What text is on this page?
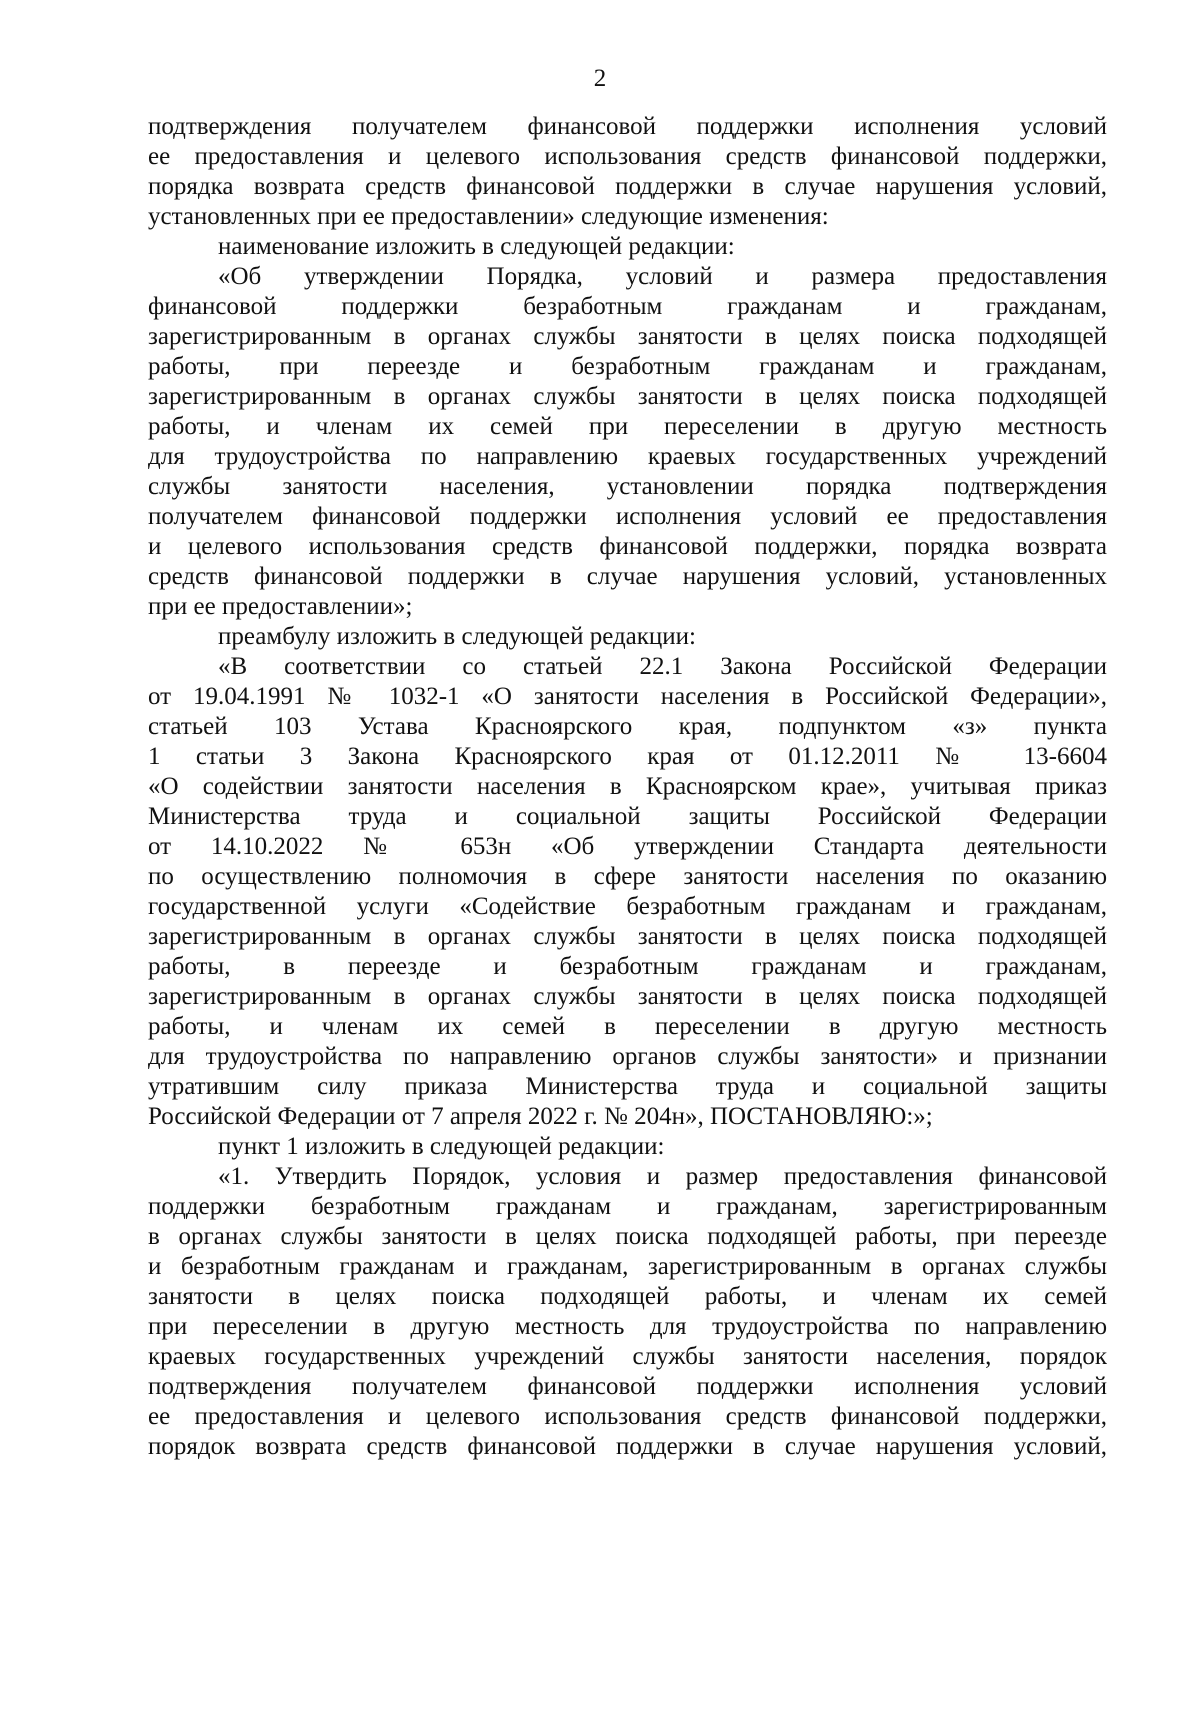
2
подтверждения получателем финансовой поддержки исполнения условий
ее предоставления и целевого использования средств финансовой поддержки,
порядка возврата средств финансовой поддержки в случае нарушения условий,
установленных при ее предоставлении» следующие изменения:
наименование изложить в следующей редакции:
«Об утверждении Порядка, условий и размера предоставления
финансовой поддержки безработным гражданам и гражданам,
зарегистрированным в органах службы занятости в целях поиска подходящей
работы, при переезде и безработным гражданам и гражданам,
зарегистрированным в органах службы занятости в целях поиска подходящей
работы, и членам их семей при переселении в другую местность
для трудоустройства по направлению краевых государственных учреждений
службы занятости населения, установлении порядка подтверждения
получателем финансовой поддержки исполнения условий ее предоставления
и целевого использования средств финансовой поддержки, порядка возврата
средств финансовой поддержки в случае нарушения условий, установленных
при ее предоставлении»;
преамбулу изложить в следующей редакции:
«В соответствии со статьей 22.1 Закона Российской Федерации
от 19.04.1991 № 1032-1 «О занятости населения в Российской Федерации»,
статьей 103 Устава Красноярского края, подпунктом «з» пункта
1 статьи 3 Закона Красноярского края от 01.12.2011 № 13-6604
«О содействии занятости населения в Красноярском крае», учитывая приказ
Министерства труда и социальной защиты Российской Федерации
от 14.10.2022 № 653н «Об утверждении Стандарта деятельности
по осуществлению полномочия в сфере занятости населения по оказанию
государственной услуги «Содействие безработным гражданам и гражданам,
зарегистрированным в органах службы занятости в целях поиска подходящей
работы, в переезде и безработным гражданам и гражданам,
зарегистрированным в органах службы занятости в целях поиска подходящей
работы, и членам их семей в переселении в другую местность
для трудоустройства по направлению органов службы занятости» и признании
утратившим силу приказа Министерства труда и социальной защиты
Российской Федерации от 7 апреля 2022 г. № 204н», ПОСТАНОВЛЯЮ:»;
пункт 1 изложить в следующей редакции:
«1. Утвердить Порядок, условия и размер предоставления финансовой
поддержки безработным гражданам и гражданам, зарегистрированным
в органах службы занятости в целях поиска подходящей работы, при переезде
и безработным гражданам и гражданам, зарегистрированным в органах службы
занятости в целях поиска подходящей работы, и членам их семей
при переселении в другую местность для трудоустройства по направлению
краевых государственных учреждений службы занятости населения, порядок
подтверждения получателем финансовой поддержки исполнения условий
ее предоставления и целевого использования средств финансовой поддержки,
порядок возврата средств финансовой поддержки в случае нарушения условий,
